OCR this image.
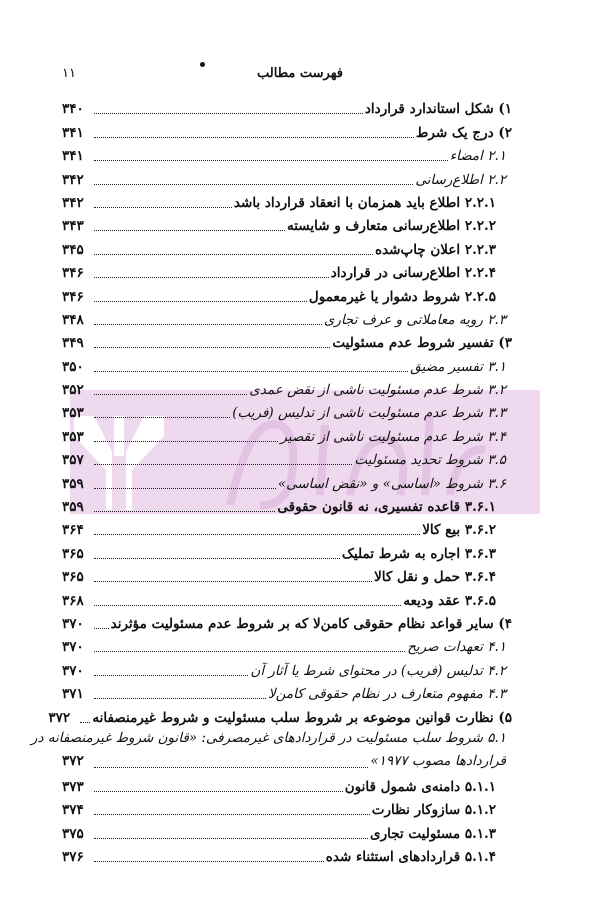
۱۱	فهرست مطالب
۱) شکل استاندارد قرارداد
۳۴۰
۲) درج یک شرط
۳۴۱
۲.۱ امضاء
۳۴۱
۲.۲ اطلاع‌رسانی
۳۴۲
۲.۲.۱ اطلاع باید همزمان با انعقاد قرارداد باشد
۳۴۲
۲.۲.۲ اطلاع‌رسانی متعارف و شایسته
۳۴۳
۲.۲.۳ اعلان چاپ‌شده
۳۴۵
۲.۲.۴ اطلاع‌رسانی در قرارداد
۳۴۶
۲.۲.۵ شروط دشوار یا غیرمعمول
۳۴۶
۲.۳ رویه معاملاتی و عرف تجاری
۳۴۸
۳) تفسیر شروط عدم مسئولیت
۳۴۹
۳.۱ تفسیر مضیق
۳۵۰
۳.۲ شرط عدم مسئولیت ناشی از نقض عمدی
۳۵۲
۳.۳ شرط عدم مسئولیت ناشی از تدلیس (فریب)
۳۵۳
۳.۴ شرط عدم مسئولیت ناشی از تقصیر
۳۵۳
۳.۵ شروط تحدید مسئولیت
۳۵۷
۳.۶ شروط «اساسی» و «نقض اساسی»
۳۵۹
۳.۶.۱ قاعده تفسیری، نه قانون حقوقی
۳۵۹
۳.۶.۲ بیع کالا
۳۶۴
۳.۶.۳ اجاره به شرط تملیک
۳۶۵
۳.۶.۴ حمل و نقل کالا
۳۶۵
۳.۶.۵ عقد ودیعه
۳۶۸
۴) سایر قواعد نظام حقوقی کامن‌لا که بر شروط عدم مسئولیت مؤثرند
۳۷۰
۴.۱ تعهدات صریح
۳۷۰
۴.۲ تدلیس (فریب) در محتوای شرط یا آثار آن
۳۷۰
۴.۳ مفهوم متعارف در نظام حقوقی کامن‌لا
۳۷۱
۵) نظارت قوانین موضوعه بر شروط سلب مسئولیت و شروط غیرمنصفانه
۳۷۲
۵.۱ شروط سلب مسئولیت در قراردادهای غیرمصرفی: «قانون شروط غیرمنصفانه در
قراردادها مصوب ۱۹۷۷»
۳۷۲
۵.۱.۱ دامنه‌ی شمول قانون
۳۷۳
۵.۱.۲ سازوکار نظارت
۳۷۴
۵.۱.۳ مسئولیت تجاری
۳۷۵
۵.۱.۴ قراردادهای استثناء شده
۳۷۶
